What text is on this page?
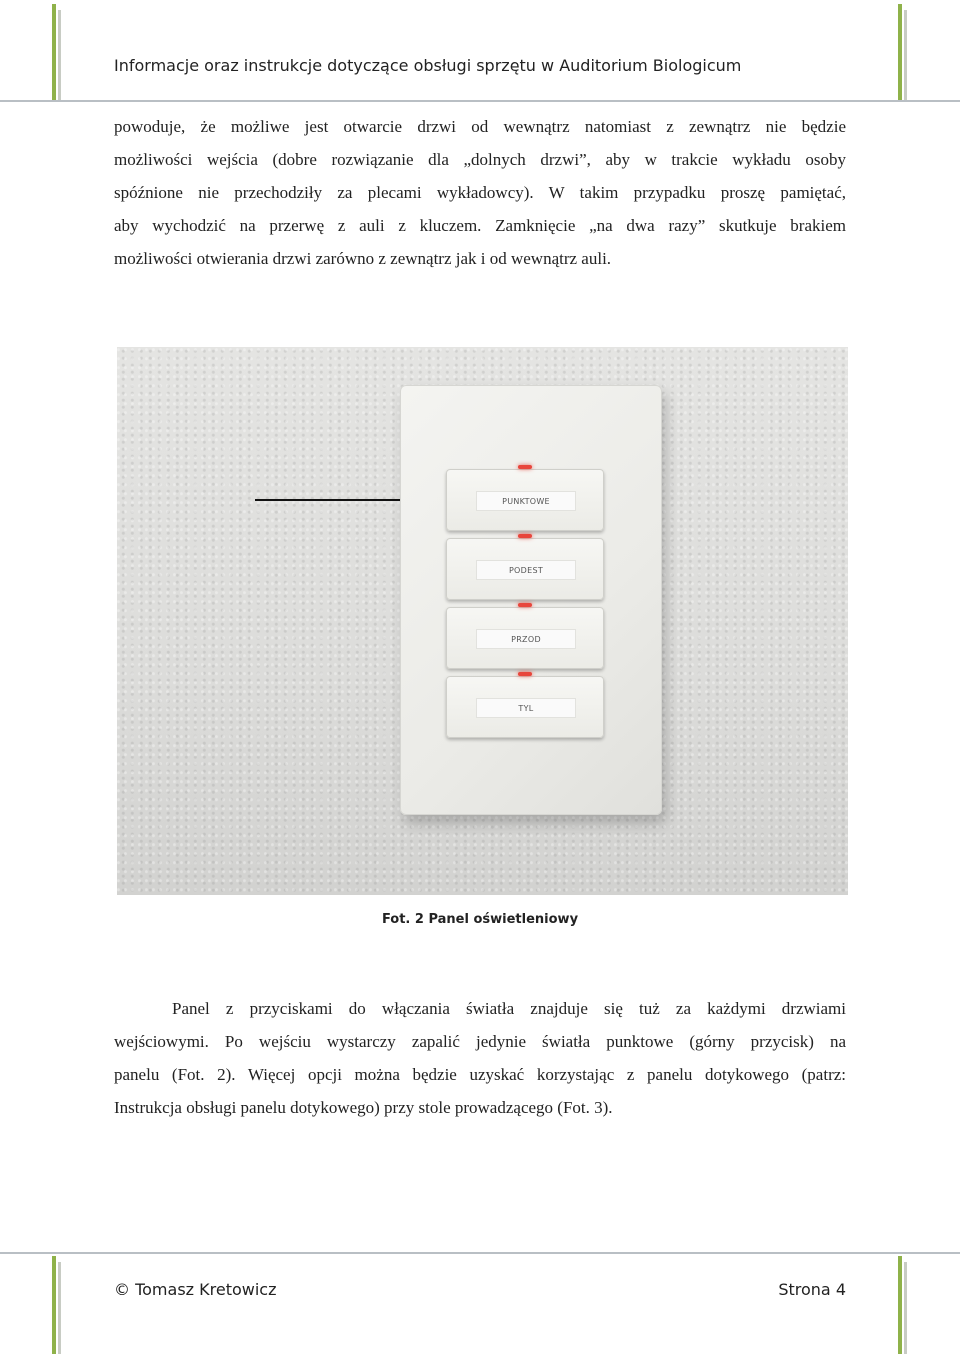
Informacje oraz instrukcje dotyczące obsługi sprzętu w Auditorium Biologicum
powoduje, że możliwe jest otwarcie drzwi od wewnątrz natomiast z zewnątrz nie będzie
możliwości wejścia (dobre rozwiązanie dla „dolnych drzwi”, aby w trakcie wykładu osoby
spóźnione nie przechodziły za plecami wykładowcy). W takim przypadku proszę pamiętać,
aby wychodzić na przerwę z auli z kluczem. Zamknięcie „na dwa razy” skutkuje brakiem
możliwości otwierania drzwi zarówno z zewnątrz jak i od wewnątrz auli.
PUNKTOWE
PODEST
PRZOD
TYL
Fot. 2 Panel oświetleniowy
Panel z przyciskami do włączania światła znajduje się tuż za każdymi drzwiami
wejściowymi. Po wejściu wystarczy zapalić jedynie światła punktowe (górny przycisk) na
panelu (Fot. 2). Więcej opcji można będzie uzyskać korzystając z panelu dotykowego (patrz:
Instrukcja obsługi panelu dotykowego) przy stole prowadzącego (Fot. 3).
© Tomasz Kretowicz	Strona 4
